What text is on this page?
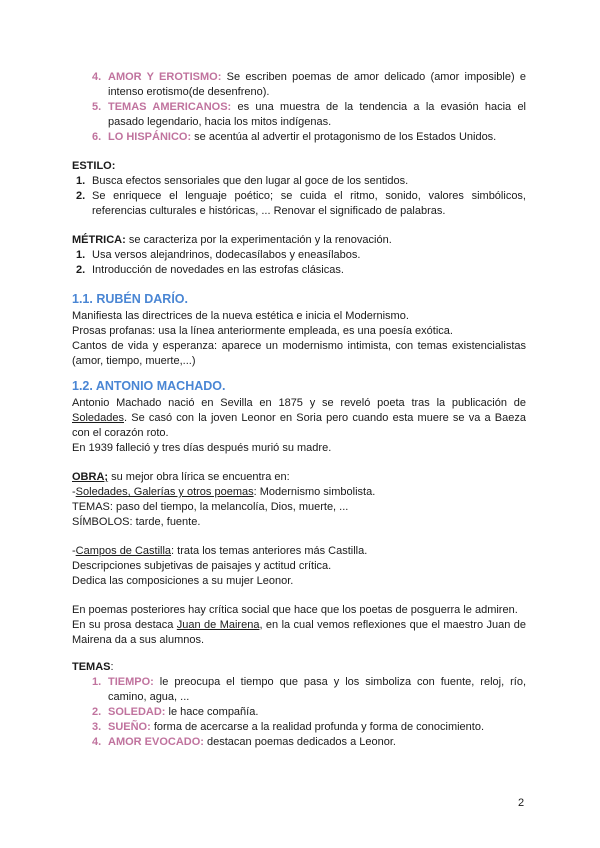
4. AMOR Y EROTISMO: Se escriben poemas de amor delicado (amor imposible) e intenso erotismo(de desenfreno).
5. TEMAS AMERICANOS: es una muestra de la tendencia a la evasión hacia el pasado legendario, hacia los mitos indígenas.
6. LO HISPÁNICO: se acentúa al advertir el protagonismo de los Estados Unidos.
ESTILO:
1. Busca efectos sensoriales que den lugar al goce de los sentidos.
2. Se enriquece el lenguaje poético; se cuida el ritmo, sonido, valores simbólicos, referencias culturales e históricas, ... Renovar el significado de palabras.
MÉTRICA: se caracteriza por la experimentación y la renovación.
1. Usa versos alejandrinos, dodecasílabos y eneasílabos.
2. Introducción de novedades en las estrofas clásicas.
1.1. RUBÉN DARÍO.
Manifiesta las directrices de la nueva estética e inicia el Modernismo.
Prosas profanas: usa la línea anteriormente empleada, es una poesía exótica.
Cantos de vida y esperanza: aparece un modernismo intimista, con temas existencialistas (amor, tiempo, muerte,...)
1.2. ANTONIO MACHADO.
Antonio Machado nació en Sevilla en 1875 y se reveló poeta tras la publicación de Soledades. Se casó con la joven Leonor en Soria pero cuando esta muere se va a Baeza con el corazón roto.
En 1939 falleció y tres días después murió su madre.
OBRA; su mejor obra lírica se encuentra en:
-Soledades, Galerías y otros poemas: Modernismo simbolista.
TEMAS: paso del tiempo, la melancolía, Dios, muerte, ...
SÍMBOLOS: tarde, fuente.
-Campos de Castilla: trata los temas anteriores más Castilla.
Descripciones subjetivas de paisajes y actitud crítica.
Dedica las composiciones a su mujer Leonor.
En poemas posteriores hay crítica social que hace que los poetas de posguerra le admiren.
En su prosa destaca Juan de Mairena, en la cual vemos reflexiones que el maestro Juan de Mairena da a sus alumnos.
TEMAS:
1. TIEMPO: le preocupa el tiempo que pasa y los simboliza con fuente, reloj, río, camino, agua, ...
2. SOLEDAD: le hace compañía.
3. SUEÑO: forma de acercarse a la realidad profunda y forma de conocimiento.
4. AMOR EVOCADO: destacan poemas dedicados a Leonor.
2
